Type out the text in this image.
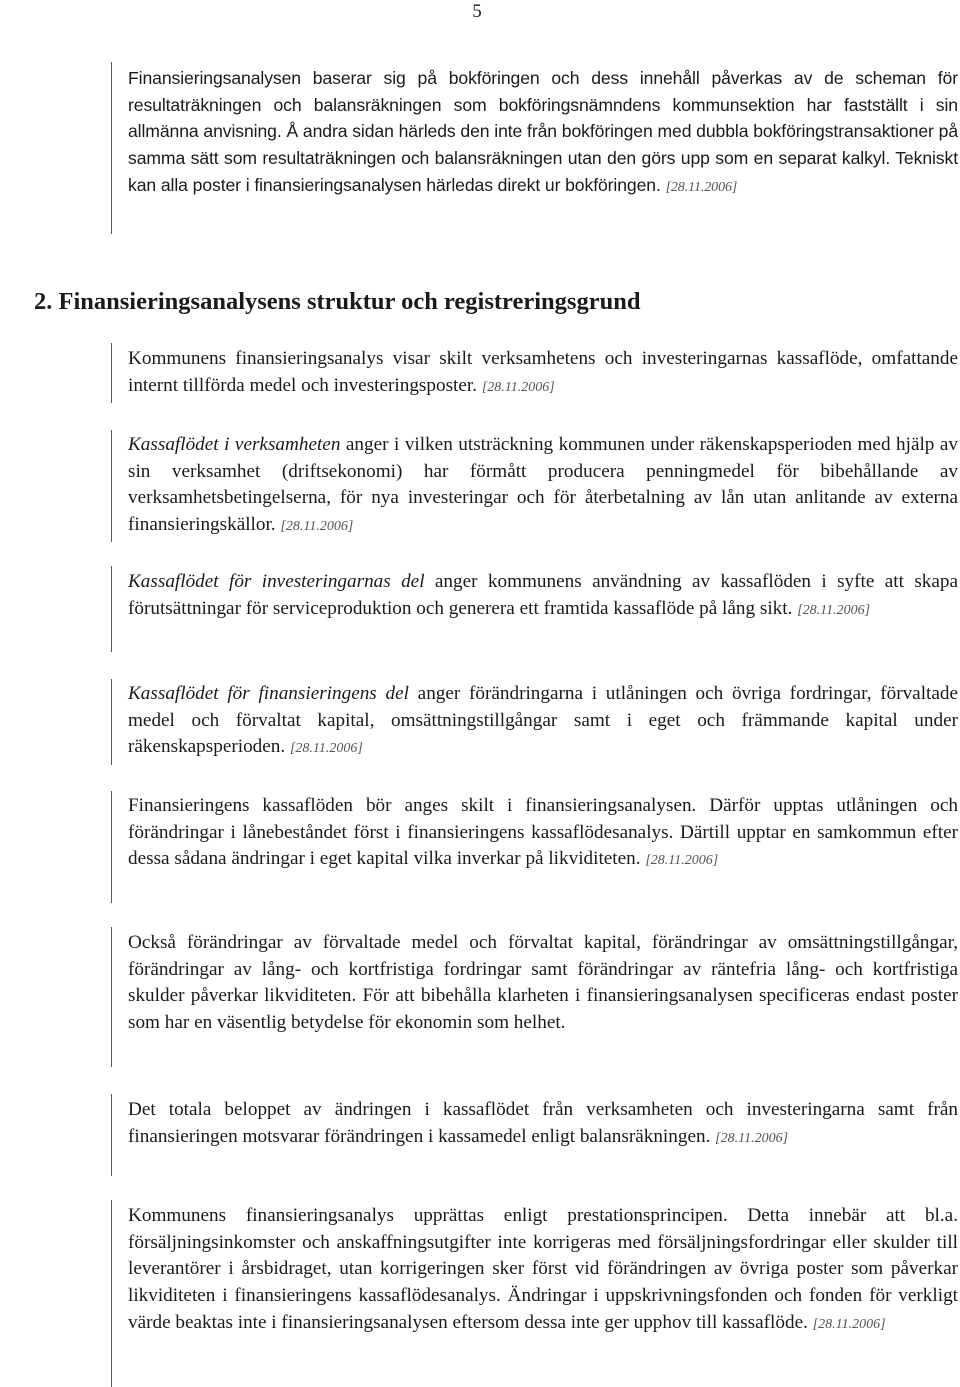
5

Finansieringsanalysen baserar sig på bokföringen och dess innehåll påverkas av de scheman för resultaträkningen och balansräkningen som bokföringsnämndens kommunsektion har fastställt i sin allmänna anvisning. Å andra sidan härleds den inte från bokföringen med dubbla bokföringstransaktioner på samma sätt som resultaträkningen och balansräkningen utan den görs upp som en separat kalkyl. Tekniskt kan alla poster i finansieringsanalysen härledas direkt ur bokföringen. [28.11.2006]

2. Finansieringsanalysens struktur och registreringsgrund

Kommunens finansieringsanalys visar skilt verksamhetens och investeringarnas kassaflöde, omfattande internt tillförda medel och investeringsposter. [28.11.2006]

Kassaflödet i verksamheten anger i vilken utsträckning kommunen under räkenskapsperioden med hjälp av sin verksamhet (driftsekonomi) har förmått producera penningmedel för bibehållande av verksamhetsbetingelserna, för nya investeringar och för återbetalning av lån utan anlitande av externa finansieringskällor. [28.11.2006]

Kassaflödet för investeringarnas del anger kommunens användning av kassaflöden i syfte att skapa förutsättningar för serviceproduktion och generera ett framtida kassaflöde på lång sikt. [28.11.2006]

Kassaflödet för finansieringens del anger förändringarna i utlåningen och övriga fordringar, förvaltade medel och förvaltat kapital, omsättningstillgångar samt i eget och främmande kapital under räkenskapsperioden. [28.11.2006]

Finansieringens kassaflöden bör anges skilt i finansieringsanalysen. Därför upptas utlåningen och förändringar i lånebeståndet först i finansieringens kassaflödesanalys. Därtill upptar en samkommun efter dessa sådana ändringar i eget kapital vilka inverkar på likviditeten. [28.11.2006]

Också förändringar av förvaltade medel och förvaltat kapital, förändringar av omsättningstillgångar, förändringar av lång- och kortfristiga fordringar samt förändringar av räntefria lång- och kortfristiga skulder påverkar likviditeten. För att bibehålla klarheten i finansieringsanalysen specificeras endast poster som har en väsentlig betydelse för ekonomin som helhet.

Det totala beloppet av ändringen i kassaflödet från verksamheten och investeringarna samt från finansieringen motsvarar förändringen i kassamedel enligt balansräkningen. [28.11.2006]

Kommunens finansieringsanalys upprättas enligt prestationsprincipen. Detta innebär att bl.a. försäljningsinkomster och anskaffningsutgifter inte korrigeras med försäljningsfordringar eller skulder till leverantörer i årsbidraget, utan korrigeringen sker först vid förändringen av övriga poster som påverkar likviditeten i finansieringens kassaflödesanalys. Ändringar i uppskrivningsfonden och fonden för verkligt värde beaktas inte i finansieringsanalysen eftersom dessa inte ger upphov till kassaflöde. [28.11.2006]
